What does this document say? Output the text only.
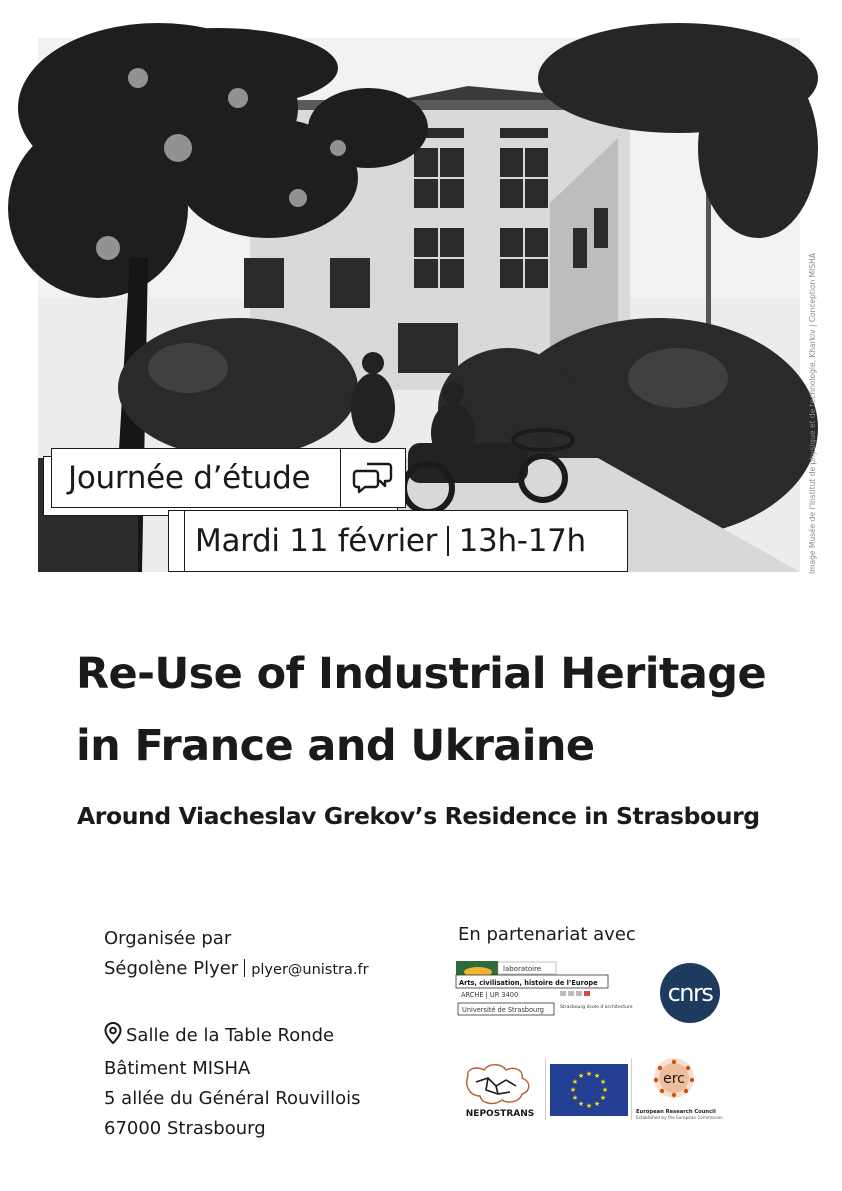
Image Musée de l’Institut de physique et de technologie, Kharkiv | Conception MISHA
Journée d’étude
Mardi 11 février 13h-17h
Re-Use of Industrial Heritage
in France and Ukraine
Around Viacheslav Grekov’s Residence in Strasbourg
Organisée par
Ségolène Plyer plyer@unistra.fr
Salle de la Table Ronde
Bâtiment MISHA
5 allée du Général Rouvillois
67000 Strasbourg
En partenariat avec
laboratoire
Arts, civilisation, histoire de l’Europe
ARCHE | UR 3400
Université de Strasbourg	Strasbourg école d’architecture
cnrs
NEPOSTRANS
★ ★
★
★
★
★
★
★
★
★
★
★	erc
European Research Council
Established by the European Commission
